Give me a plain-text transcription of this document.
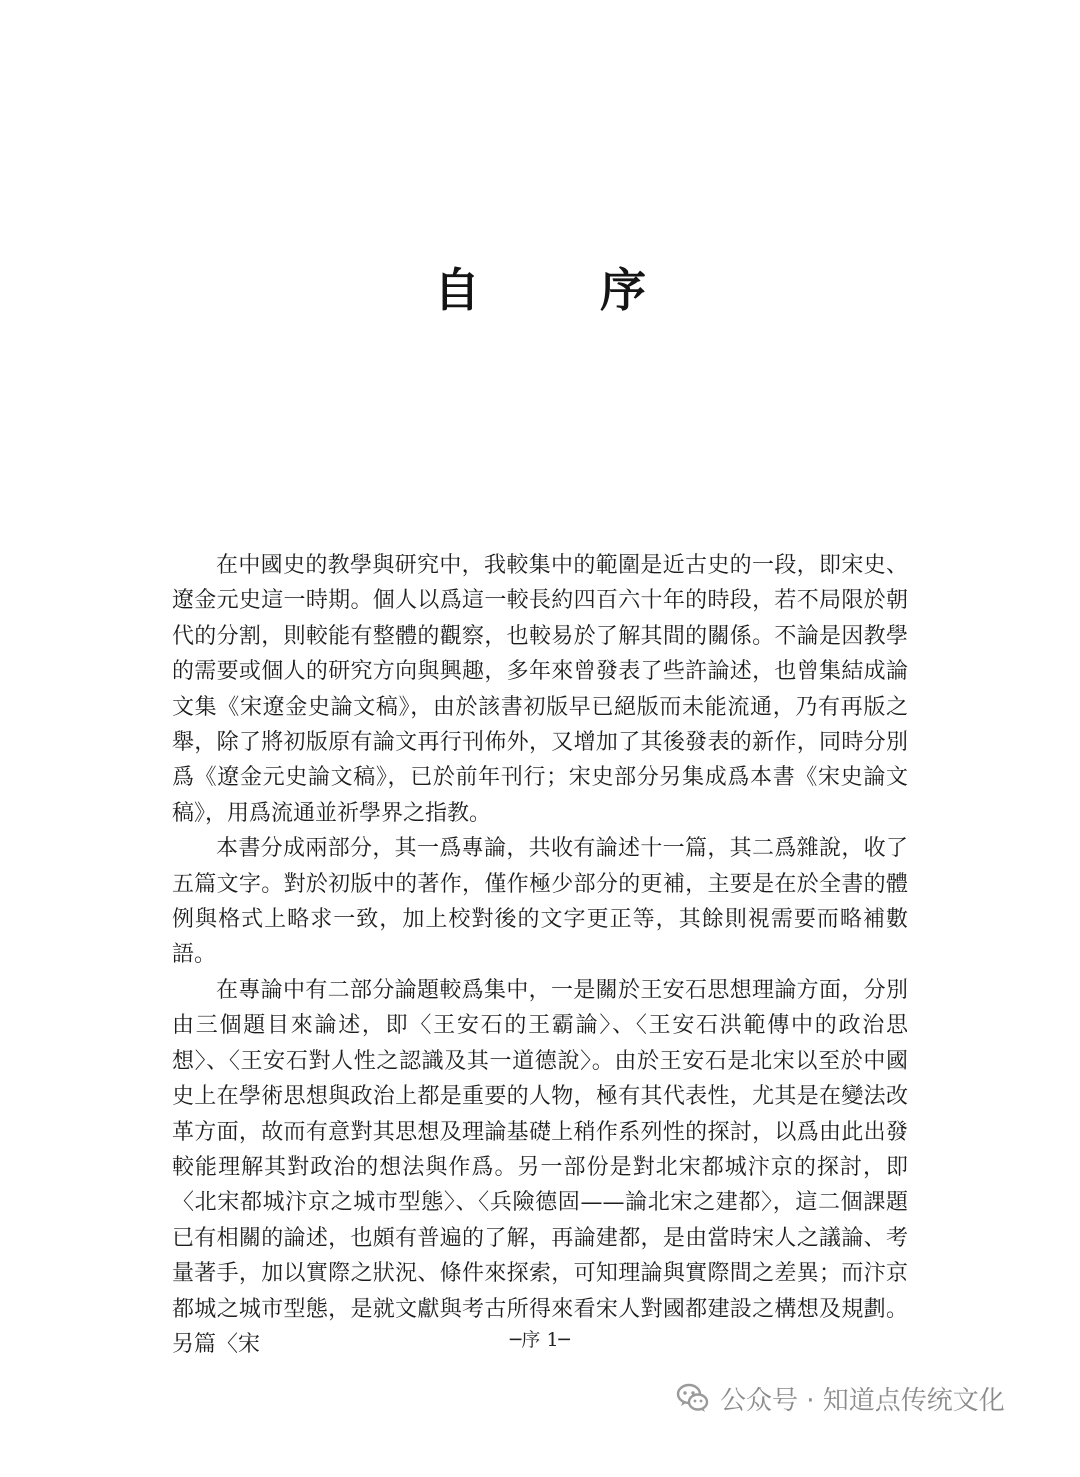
自 序

在中國史的教學與研究中，我較集中的範圍是近古史的一段，即宋史、遼金元史這一時期。個人以爲這一較長約四百六十年的時段，若不局限於朝代的分割，則較能有整體的觀察，也較易於了解其間的關係。不論是因教學的需要或個人的研究方向與興趣，多年來曾發表了些許論述，也曾集結成論文集《宋遼金史論文稿》，由於該書初版早已絕版而未能流通，乃有再版之舉，除了將初版原有論文再行刊佈外，又增加了其後發表的新作，同時分別爲《遼金元史論文稿》，已於前年刊行；宋史部分另集成爲本書《宋史論文稿》，用爲流通並祈學界之指教。

本書分成兩部分，其一爲專論，共收有論述十一篇，其二爲雜說，收了五篇文字。對於初版中的著作，僅作極少部分的更補，主要是在於全書的體例與格式上略求一致，加上校對後的文字更正等，其餘則視需要而略補數語。

在專論中有二部分論題較爲集中，一是關於王安石思想理論方面，分別由三個題目來論述，即〈王安石的王霸論〉、〈王安石洪範傳中的政治思想〉、〈王安石對人性之認識及其一道德說〉。由於王安石是北宋以至於中國史上在學術思想與政治上都是重要的人物，極有其代表性，尤其是在變法改革方面，故而有意對其思想及理論基礎上稍作系列性的探討，以爲由此出發較能理解其對政治的想法與作爲。另一部份是對北宋都城汴京的探討，即〈北宋都城汴京之城市型態〉、〈兵險德固——論北宋之建都〉，這二個課題已有相關的論述，也頗有普遍的了解，再論建都，是由當時宋人之議論、考量著手，加以實際之狀況、條件來探索，可知理論與實際間之差異；而汴京都城之城市型態，是就文獻與考古所得來看宋人對國都建設之構想及規劃。另篇〈宋	─序 1─
公众号 · 知道点传统文化
